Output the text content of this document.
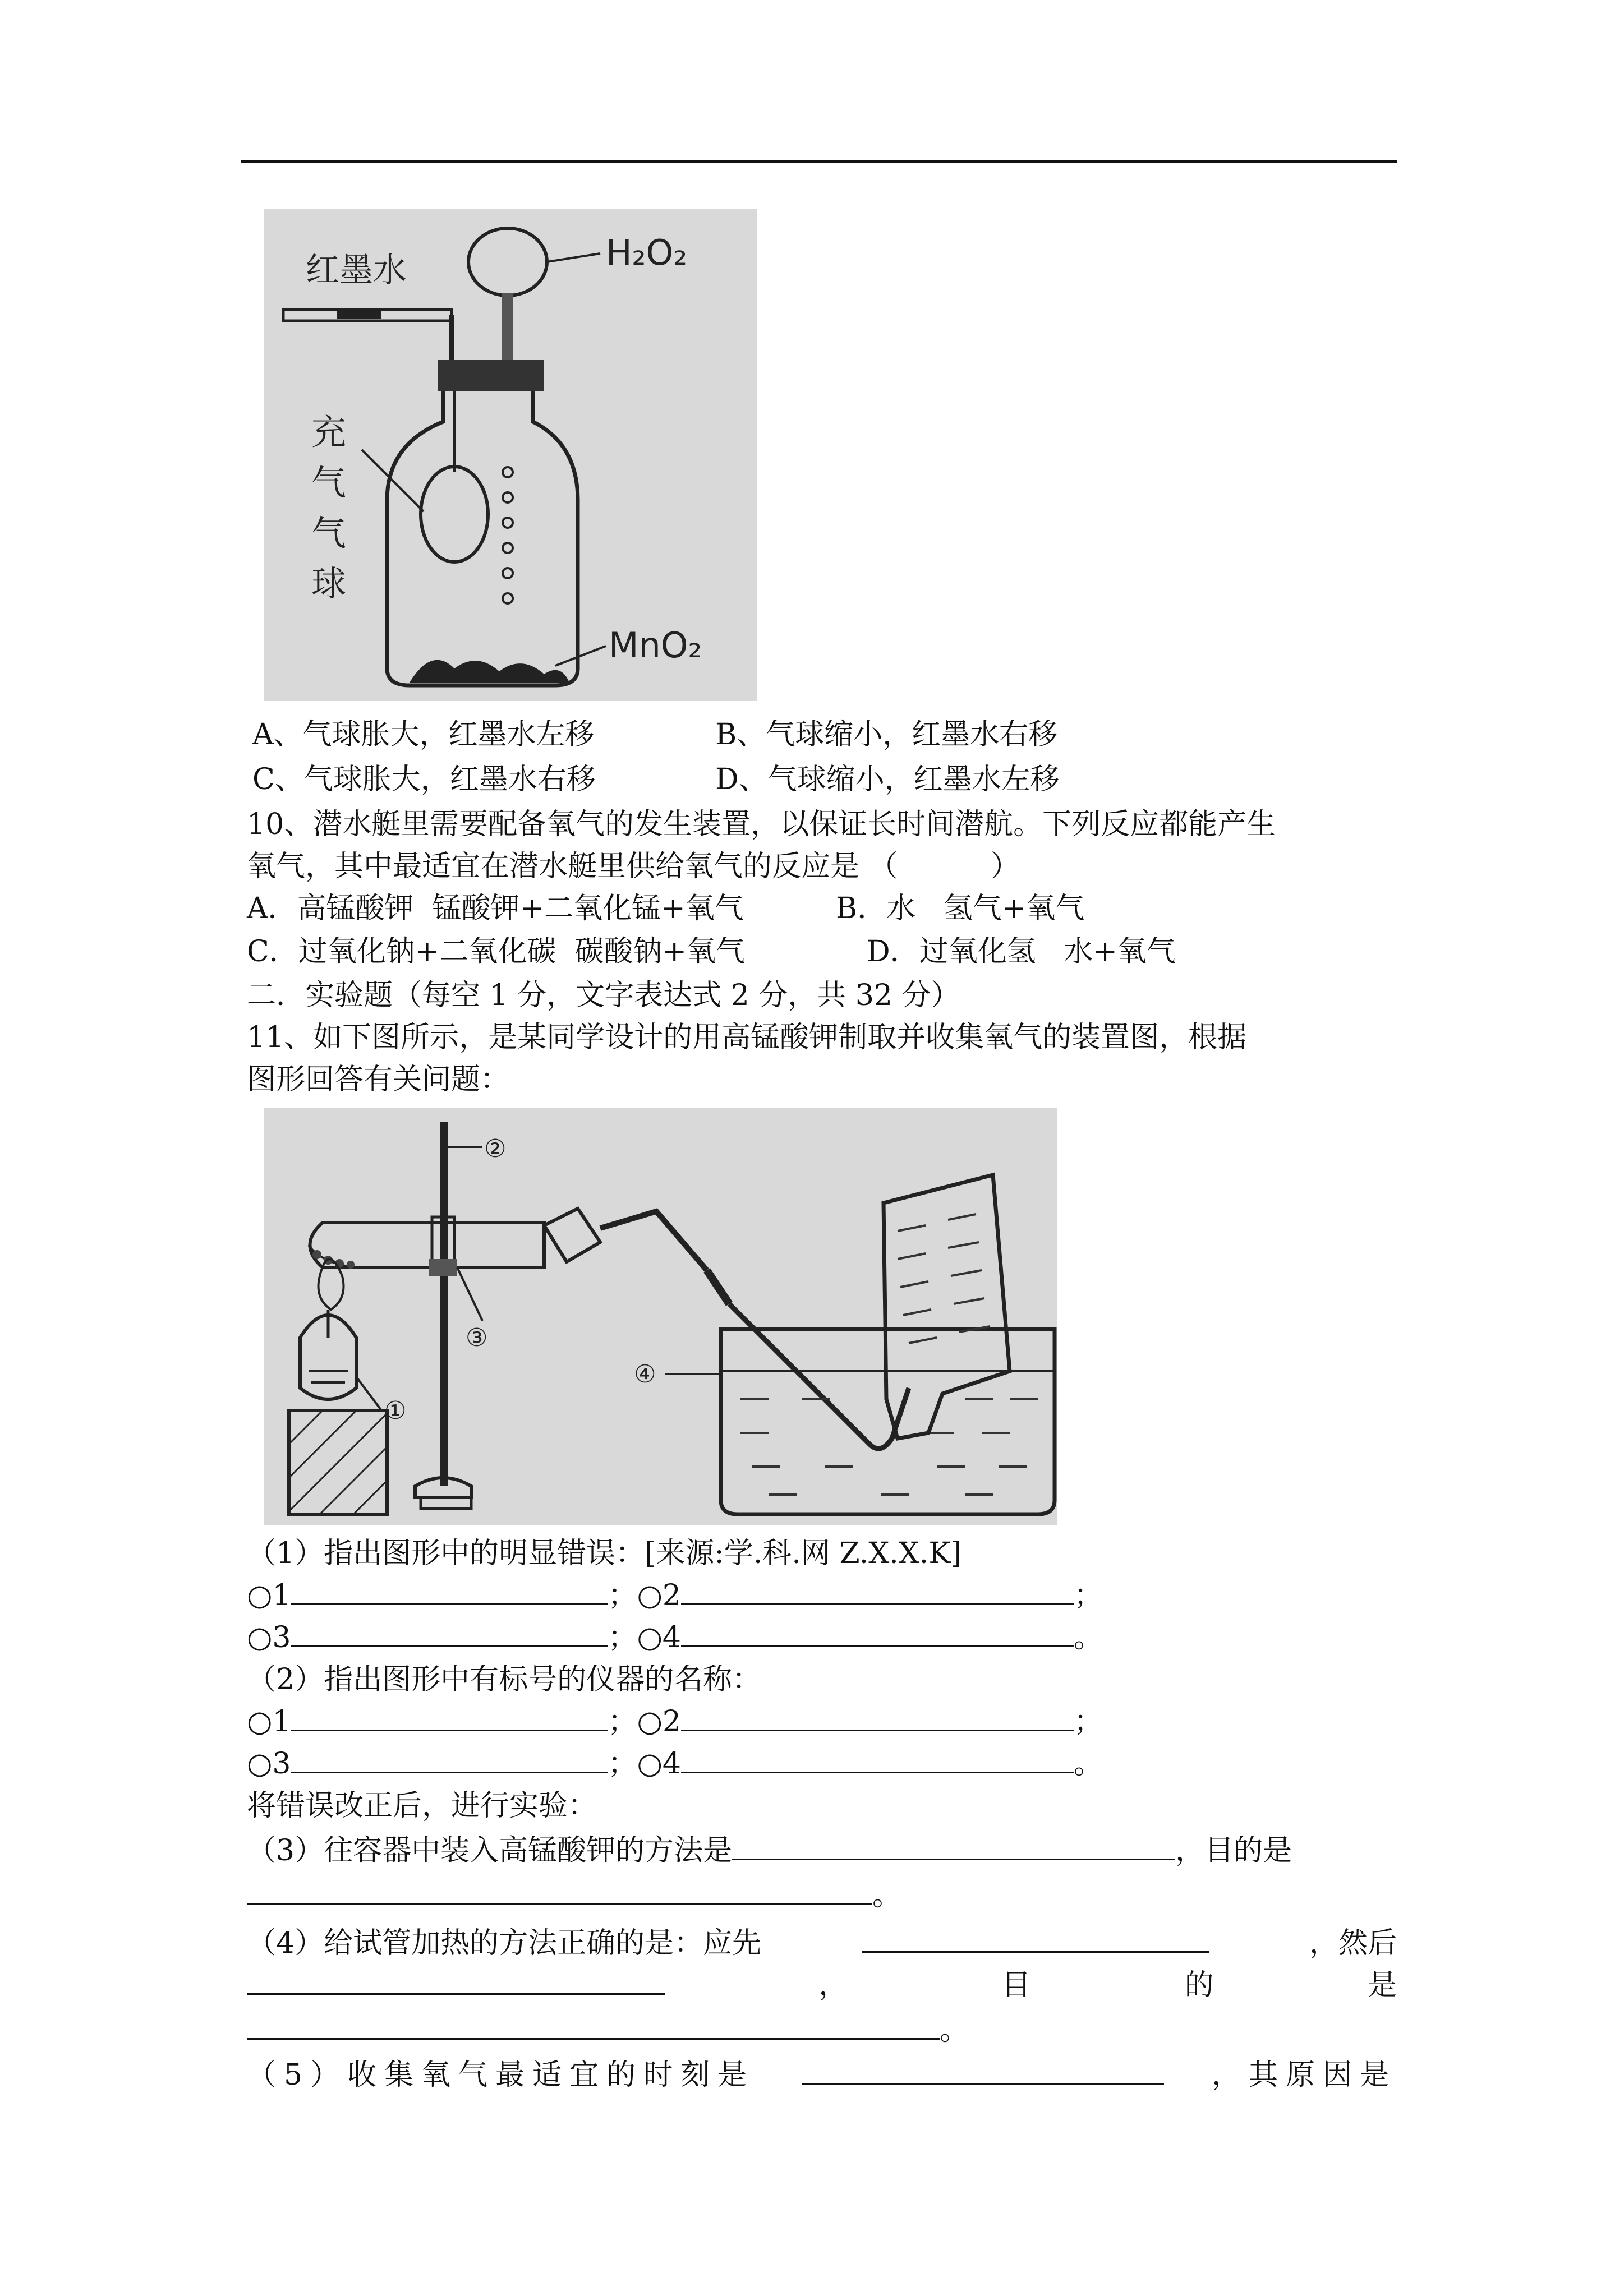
H₂O₂
红墨水
充
气
气
球
MnO₂
A、气球胀大，红墨水左移	B、气球缩小，红墨水右移
C、气球胀大，红墨水右移	D、气球缩小，红墨水左移
10、潜水艇里需要配备氧气的发生装置，以保证长时间潜航。下列反应都能产生
氧气，其中最适宜在潜水艇里供给氧气的反应是 （          ）
A．高锰酸钾  锰酸钾+二氧化锰+氧气	B．水   氢气+氧气
C．过氧化钠+二氧化碳  碳酸钠+氧气	D．过氧化氢   水+氧气
二．实验题（每空 1 分，文字表达式 2 分，共 32 分）
11、如下图所示，是某同学设计的用高锰酸钾制取并收集氧气的装置图，根据
图形回答有关问题：
②
③
①
④
（1）指出图形中的明显错误：[来源:学.科.网 Z.X.X.K]
○1	；○2	；
○3	；○4	。
（2）指出图形中有标号的仪器的名称：
○1	；○2	；
○3	；○4	。
将错误改正后，进行实验：
（3）往容器中装入高锰酸钾的方法是	，目的是
。
（4）给试管加热的方法正确的是：应先	，然后
，	目	的	是
。
（5）收集氧气最适宜的时刻是	，其原因是
